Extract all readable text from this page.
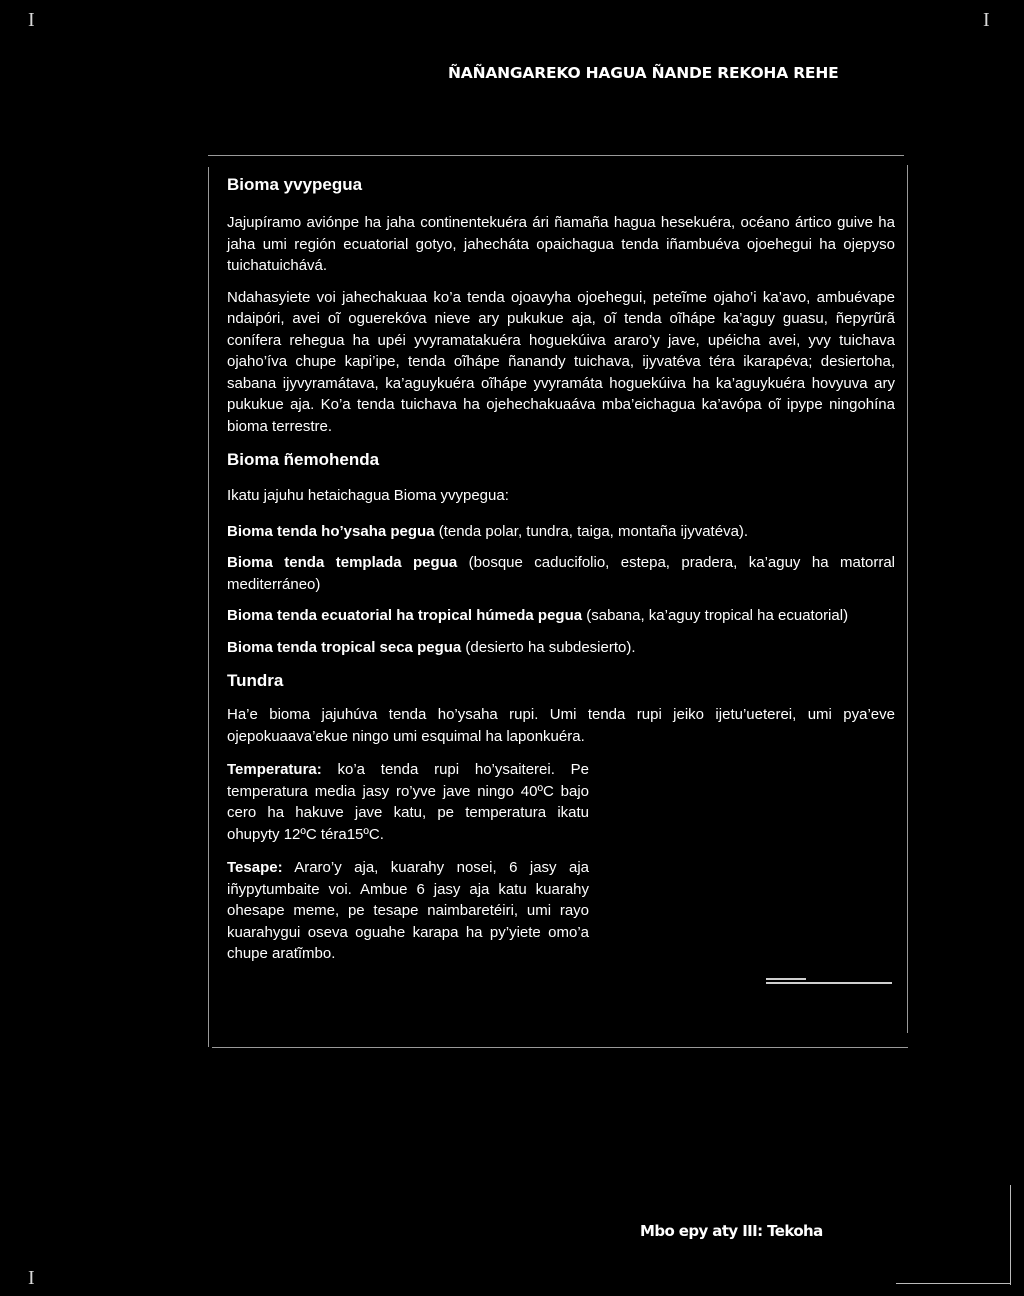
I	I
I
ÑAÑANGAREKO HAGUA ÑANDE REKOHA REHE
Bioma yvypegua

Jajupíramo aviónpe ha jaha continentekuéra ári ñamaña hagua hesekuéra, océano ártico guive ha jaha umi región ecuatorial gotyo, jahecháta opaichagua tenda iñambuéva ojoehegui ha ojepyso tuichatuichává.

Ndahasyiete voi jahechakuaa ko’a tenda ojoavyha ojoehegui, peteĩme ojaho’i ka’avo, ambuévape ndaipóri, avei oĩ oguerekóva nieve ary pukukue aja, oĩ tenda oĩhápe ka’aguy guasu, ñepyrũrã conífera rehegua ha upéi yvyramatakuéra hoguekúiva araro’y jave, upéicha avei, yvy tuichava ojaho’íva chupe kapi’ipe, tenda oĩhápe ñanandy tuichava, ijyvatéva téra ikarapéva; desiertoha, sabana ijyvyramátava, ka’aguykuéra oĩhápe yvyramáta hoguekúiva ha ka’aguykuéra hovyuva ary pukukue aja. Ko’a tenda tuichava ha ojehechakuaáva mba’eichagua ka’avópa oĩ ipype ningohína bioma terrestre.

Bioma ñemohenda

Ikatu jajuhu hetaichagua Bioma yvypegua:

Bioma tenda ho’ysaha pegua (tenda polar, tundra, taiga, montaña ijyvatéva).

Bioma tenda templada pegua (bosque caducifolio, estepa, pradera, ka’aguy ha matorral mediterráneo)

Bioma tenda ecuatorial ha tropical húmeda pegua (sabana, ka’aguy tropical ha ecuatorial)

Bioma tenda tropical seca pegua (desierto ha subdesierto).

Tundra

Ha’e bioma jajuhúva tenda ho’ysaha rupi. Umi tenda rupi jeiko ijetu’ueterei, umi pya’eve ojepokuaava’ekue ningo umi esquimal ha laponkuéra.

Temperatura: ko’a tenda rupi ho’ysaiterei. Pe temperatura media jasy ro’yve jave ningo 40ºC bajo cero ha hakuve jave katu, pe temperatura ikatu ohupyty 12ºC téra15ºC.

Tesape: Araro’y aja, kuarahy nosei, 6 jasy aja iñypytumbaite voi. Ambue 6 jasy aja katu kuarahy ohesape meme, pe tesape naimbaretéiri, umi rayo kuarahygui oseva oguahe karapa ha py’yiete omo’a chupe aratĩmbo.

Mbo epy aty III: Tekoha
